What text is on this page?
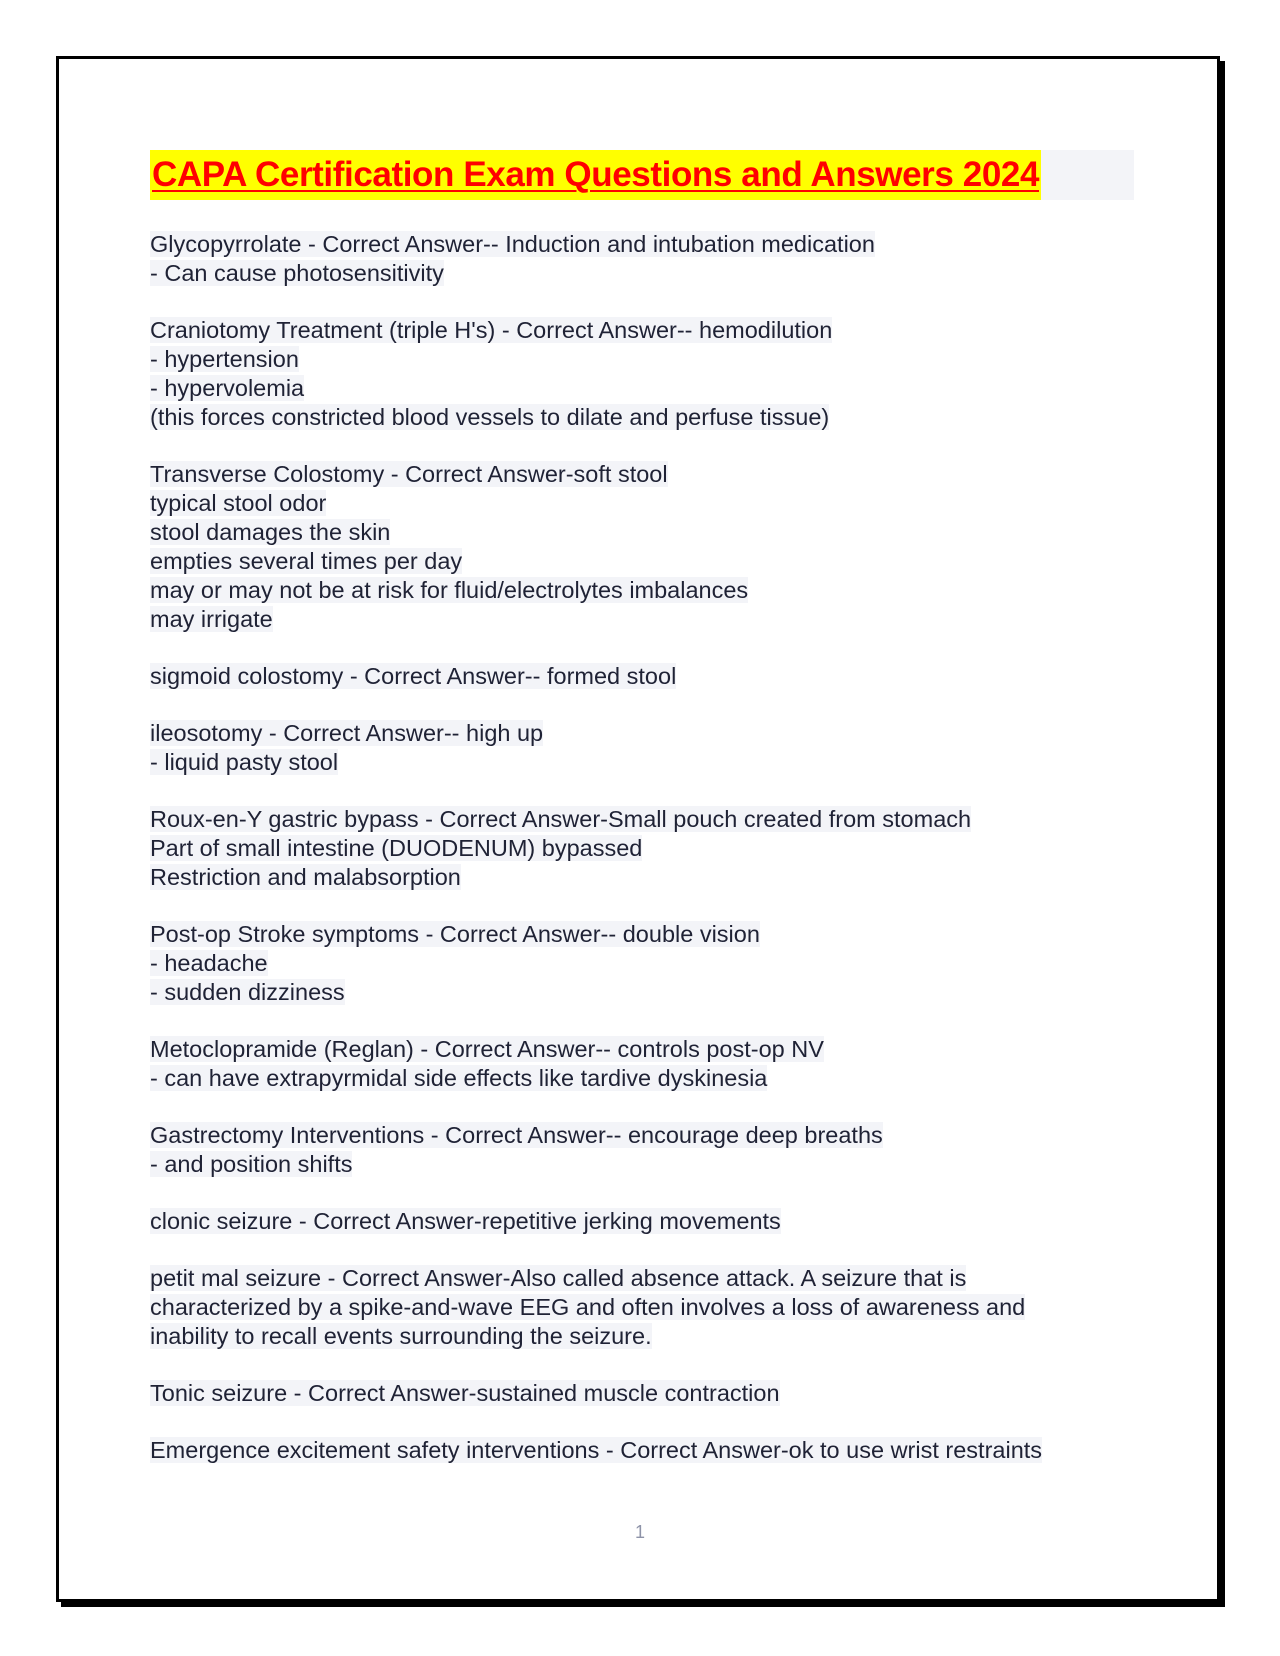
CAPA Certification Exam Questions and Answers 2024
Glycopyrrolate - Correct Answer-- Induction and intubation medication
- Can cause photosensitivity
Craniotomy Treatment (triple H's) - Correct Answer-- hemodilution
- hypertension
- hypervolemia
(this forces constricted blood vessels to dilate and perfuse tissue)
Transverse Colostomy - Correct Answer-soft stool
typical stool odor
stool damages the skin
empties several times per day
may or may not be at risk for fluid/electrolytes imbalances
may irrigate
sigmoid colostomy - Correct Answer-- formed stool
ileosotomy - Correct Answer-- high up
- liquid pasty stool
Roux-en-Y gastric bypass - Correct Answer-Small pouch created from stomach
Part of small intestine (DUODENUM) bypassed
Restriction and malabsorption
Post-op Stroke symptoms - Correct Answer-- double vision
- headache
- sudden dizziness
Metoclopramide (Reglan) - Correct Answer-- controls post-op NV
- can have extrapyrmidal side effects like tardive dyskinesia
Gastrectomy Interventions - Correct Answer-- encourage deep breaths
- and position shifts
clonic seizure - Correct Answer-repetitive jerking movements
petit mal seizure - Correct Answer-Also called absence attack. A seizure that is
characterized by a spike-and-wave EEG and often involves a loss of awareness and
inability to recall events surrounding the seizure.
Tonic seizure - Correct Answer-sustained muscle contraction
Emergence excitement safety interventions - Correct Answer-ok to use wrist restraints
1
